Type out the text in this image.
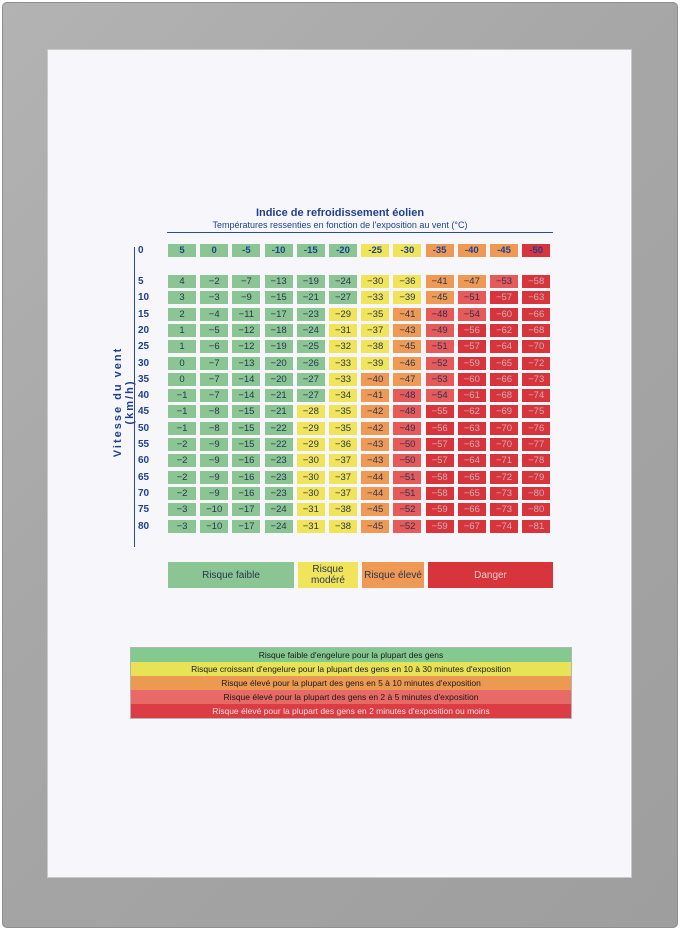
Indice de refroidissement éolien
Températures ressenties en fonction de l'exposition au vent (°C)
Vitesse du vent (km/h)
0	5	0	-5	-10	-15	-20	-25	-30	-35	-40	-45	-50
5	4	−2	−7	−13	−19	−24	−30	−36	−41	−47	−53	−58
10	3	−3	−9	−15	−21	−27	−33	−39	−45	−51	−57	−63
15	2	−4	−11	−17	−23	−29	−35	−41	−48	−54	−60	−66
20	1	−5	−12	−18	−24	−31	−37	−43	−49	−56	−62	−68
25	1	−6	−12	−19	−25	−32	−38	−45	−51	−57	−64	−70
30	0	−7	−13	−20	−26	−33	−39	−46	−52	−59	−65	−72
35	0	−7	−14	−20	−27	−33	−40	−47	−53	−60	−66	−73
40	−1	−7	−14	−21	−27	−34	−41	−48	−54	−61	−68	−74
45	−1	−8	−15	−21	−28	−35	−42	−48	−55	−62	−69	−75
50	−1	−8	−15	−22	−29	−35	−42	−49	−56	−63	−70	−76
55	−2	−9	−15	−22	−29	−36	−43	−50	−57	−63	−70	−77
60	−2	−9	−16	−23	−30	−37	−43	−50	−57	−64	−71	−78
65	−2	−9	−16	−23	−30	−37	−44	−51	−58	−65	−72	−79
70	−2	−9	−16	−23	−30	−37	−44	−51	−58	−65	−73	−80
75	−3	−10	−17	−24	−31	−38	−45	−52	−59	−66	−73	−80
80	−3	−10	−17	−24	−31	−38	−45	−52	−59	−67	−74	−81
Risque faible	Risque modéré	Risque élevé	Danger
Risque faible d'engelure pour la plupart des gens
Risque croissant d'engelure pour la plupart des gens en 10 à 30 minutes d'exposition
Risque élevé pour la plupart des gens en 5 à 10 minutes d'exposition
Risque élevé pour la plupart des gens en 2 à 5 minutes d'exposition
Risque élevé pour la plupart des gens en 2 minutes d'exposition ou moins
